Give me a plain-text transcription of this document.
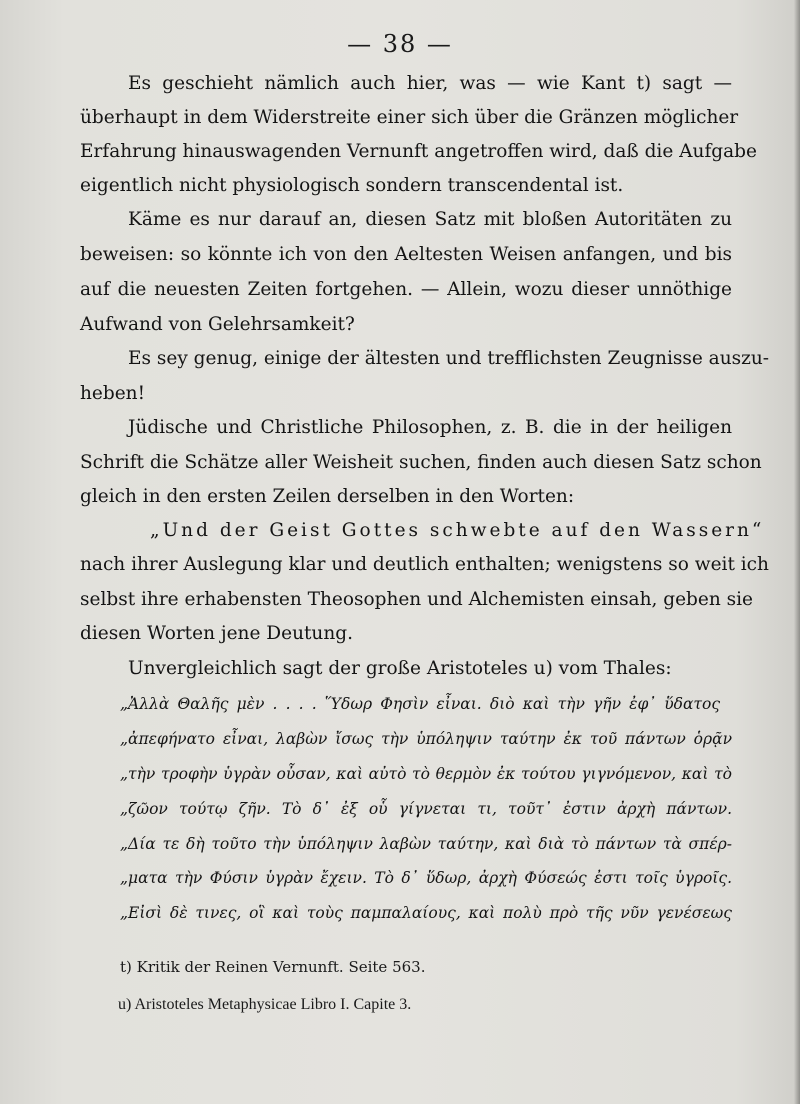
— 38 —
Es geschieht nämlich auch hier, was — wie Kant t) sagt —
überhaupt in dem Widerstreite einer sich über die Gränzen möglicher
Erfahrung hinauswagenden Vernunft angetroffen wird, daß die Aufgabe
eigentlich nicht physiologisch sondern transcendental ist.
Käme es nur darauf an, diesen Satz mit bloßen Autoritäten zu
beweisen: so könnte ich von den Aeltesten Weisen anfangen, und bis
auf die neuesten Zeiten fortgehen. — Allein, wozu dieser unnöthige
Aufwand von Gelehrsamkeit?
Es sey genug, einige der ältesten und trefflichsten Zeugnisse auszu-
heben!
Jüdische und Christliche Philosophen, z. B. die in der heiligen
Schrift die Schätze aller Weisheit suchen, finden auch diesen Satz schon
gleich in den ersten Zeilen derselben in den Worten:
„Und der Geist Gottes schwebte auf den Wassern“
nach ihrer Auslegung klar und deutlich enthalten; wenigstens so weit ich
selbst ihre erhabensten Theosophen und Alchemisten einsah, geben sie
diesen Worten jene Deutung.
Unvergleichlich sagt der große Aristoteles u) vom Thales:
„Ἀλλὰ Θαλῆς μὲν . . . . Ὕδωρ Φησὶν εἶναι. διὸ καὶ τὴν γῆν ἐφ᾽ ὕδατος
„ἀπεφήνατο εἶναι, λαβὼν ἴσως τὴν ὑπόληψιν ταύτην ἐκ τοῦ πάντων ὁρᾷν
„τὴν τροφὴν ὑγρὰν οὖσαν, καὶ αὐτὸ τὸ θερμὸν ἐκ τούτου γιγνόμενον, καὶ τὸ
„ζῶον τούτῳ ζῆν. Τὸ δ᾽ ἐξ οὗ γίγνεται τι, τοῦτ᾽ ἐστιν ἀρχὴ πάντων.
„Δία τε δὴ τοῦτο τὴν ὑπόληψιν λαβὼν ταύτην, καὶ διὰ τὸ πάντων τὰ σπέρ-
„ματα τὴν Φύσιν ὑγρὰν ἔχειν. Τὸ δ᾽ ὕδωρ, ἀρχὴ Φύσεώς ἐστι τοῖς ὑγροῖς.
„Εἰσὶ δὲ τινες, οἳ καὶ τοὺς παμπαλαίους, καὶ πολὺ πρὸ τῆς νῦν γενέσεως
t) Kritik der Reinen Vernunft. Seite 563.
u) Aristoteles Metaphysicae Libro I. Capite 3.
